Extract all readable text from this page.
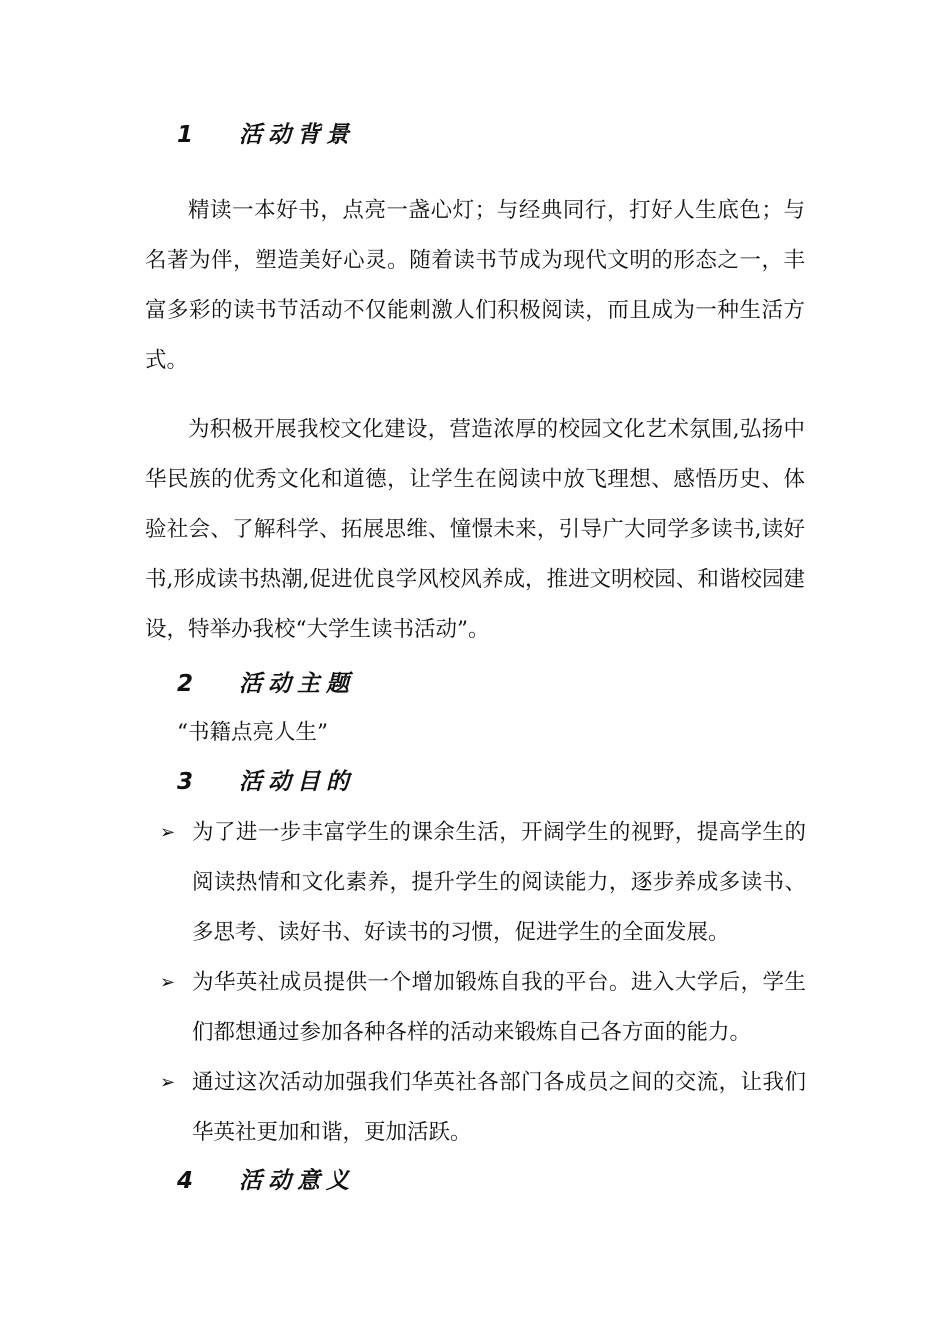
1	活动背景

精读一本好书，点亮一盏心灯；与经典同行，打好人生底色；与名著为伴，塑造美好心灵。随着读书节成为现代文明的形态之一，丰富多彩的读书节活动不仅能刺激人们积极阅读，而且成为一种生活方式。

为积极开展我校文化建设，营造浓厚的校园文化艺术氛围,弘扬中华民族的优秀文化和道德，让学生在阅读中放飞理想、感悟历史、体验社会、了解科学、拓展思维、憧憬未来，引导广大同学多读书,读好书,形成读书热潮,促进优良学风校风养成，推进文明校园、和谐校园建设，特举办我校“大学生读书活动”。

2	活动主题
“书籍点亮人生”
3	活动目的
➢ 为了进一步丰富学生的课余生活，开阔学生的视野，提高学生的阅读热情和文化素养，提升学生的阅读能力，逐步养成多读书、多思考、读好书、好读书的习惯，促进学生的全面发展。
➢ 为华英社成员提供一个增加锻炼自我的平台。进入大学后，学生们都想通过参加各种各样的活动来锻炼自己各方面的能力。
➢ 通过这次活动加强我们华英社各部门各成员之间的交流，让我们华英社更加和谐，更加活跃。
4	活动意义
